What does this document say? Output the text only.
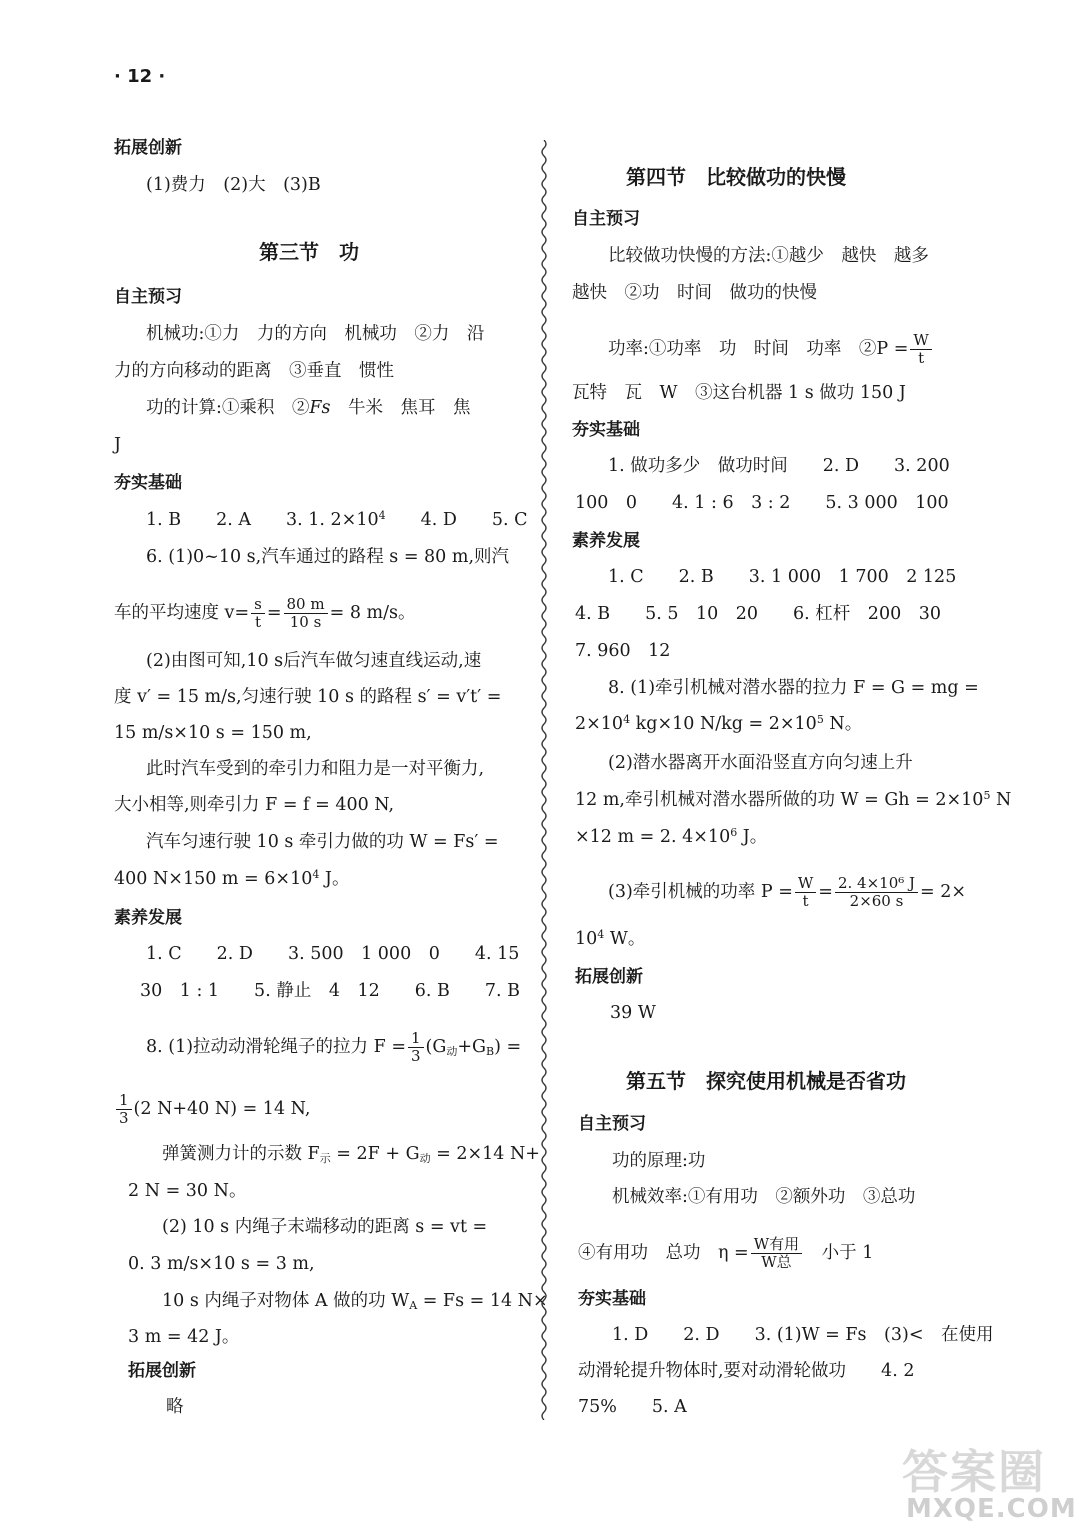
· 12 ·
拓展创新
(1)费力　(2)大　(3)B
第三节　功
自主预习
机械功:①力　力的方向　机械功　②力　沿
力的方向移动的距离　③垂直　惯性
功的计算:①乘积　②Fs　牛米　焦耳　焦
J
夯实基础
1. B　　2. A　　3. 1. $2\times 10^4$　　4. D　　5. C
6. (1)0~10 s,汽车通过的路程 s = 80 m,则汽
车的平均速度 $v= \frac{s}{t} = \frac{80 m}{10 s} = 8$ m/s。
(2)由图可知,10 s后汽车做匀速直线运动,速
度 v′ = 15 m/s,匀速行驶 10 s 的路程 s′ = v′t′ =
15 m/s×10 s = 150 m,
此时汽车受到的牵引力和阻力是一对平衡力,
大小相等,则牵引力 F = f = 400 N,
汽车匀速行驶 10 s 牵引力做的功 W = Fs′ =
400 N×150 $m = 6\times 10^4$ J。
素养发展
1. C　　2. D　　3. 500　1 000　0　　4. 15
30　1 : 1　　5. 静止　4　12　　6. B　　7. B
8. (1)拉动动滑轮绳子的拉力 $F = \frac{1}{3} (G_动+G_B)$ =
$\frac{1}{3} (2$ N+40 N) = 14 N,
弹簧测力计的示数 $F_示 = 2F + G_动 = 2\times 14$ N+
2 N = 30 N。
(2) 10 s 内绳子末端移动的距离 s = vt =
0. 3 m/s×10 s = 3 m,
10 s 内绳子对物体 A 做的功 $W_A = Fs = 14$ N×
3 m = 42 J。
拓展创新
略
第四节　比较做功的快慢
自主预习
比较做功快慢的方法:①越少　越快　越多
越快　②功　时间　做功的快慢
功率:①功率　功　时间　功率　②P = $\frac{W}{t}$
瓦特　瓦　W　③这台机器 1 s 做功 150 J
夯实基础
1. 做功多少　做功时间　　2. D　　3. 200
100　0　　4. 1 : 6　3 : 2　　5. 3 000　100
素养发展
1. C　　2. B　　3. 1 000　1 700　2 125
4. B　　5. 5　10　20　　6. 杠杆　200　30
7. 960　12
8. (1)牵引机械对潜水器的拉力 F = G = mg =
$2\times 10^4$ kg×10 $N/kg = 2\times 10^5$ N。
(2)潜水器离开水面沿竖直方向匀速上升
12 m,牵引机械对潜水器所做的功 $W = Gh = 2\times 10^5$ N
×12 m = 2. $4\times 10^6$ J。
(3)牵引机械的功率 $P = \frac{W}{t} = \frac{\text{2. 4×10⁶ J}}{2\times 60 s} = 2\times$
$10^4$ W。
拓展创新
39 W
第五节　探究使用机械是否省功
自主预习
功的原理:功
机械效率:①有用功　②额外功　③总功
④有用功　总功　η = W有用
W总 　小于 1
夯实基础
1. D　　2. D　　3. (1)W = Fs　(3)<　在使用
动滑轮提升物体时,要对动滑轮做功　　4. 2
75%　　5. A
答案圈
MXQE.COM
